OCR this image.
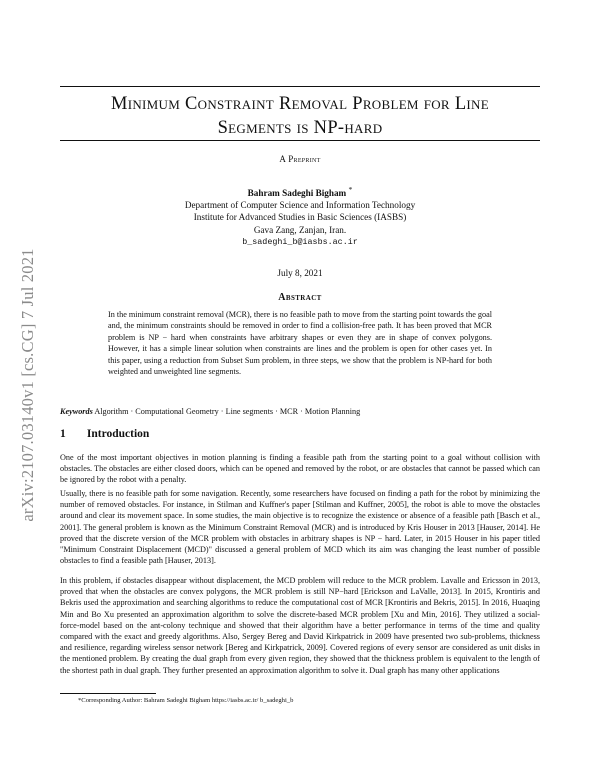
arXiv:2107.03140v1 [cs.CG] 7 Jul 2021
Minimum Constraint Removal Problem for Line
Segments is NP-hard
A Preprint
Bahram Sadeghi Bigham *
Department of Computer Science and Information Technology
Institute for Advanced Studies in Basic Sciences (IASBS)
Gava Zang, Zanjan, Iran.
b_sadeghi_b@iasbs.ac.ir
July 8, 2021
Abstract
In the minimum constraint removal (MCR), there is no feasible path to move from the starting point towards the goal and, the minimum constraints should be removed in order to find a collision-free path. It has been proved that MCR problem is NP − hard when constraints have arbitrary shapes or even they are in shape of convex polygons. However, it has a simple linear solution when constraints are lines and the problem is open for other cases yet. In this paper, using a reduction from Subset Sum problem, in three steps, we show that the problem is NP-hard for both weighted and unweighted line segments.
Keywords Algorithm · Computational Geometry · Line segments · MCR · Motion Planning
1 Introduction

One of the most important objectives in motion planning is finding a feasible path from the starting point to a goal without collision with obstacles. The obstacles are either closed doors, which can be opened and removed by the robot, or are obstacles that cannot be passed which can be ignored by the robot with a penalty.

Usually, there is no feasible path for some navigation. Recently, some researchers have focused on finding a path for the robot by minimizing the number of removed obstacles. For instance, in Stilman and Kuffner's paper [Stilman and Kuffner, 2005], the robot is able to move the obstacles around and clear its movement space. In some studies, the main objective is to recognize the existence or absence of a feasible path [Basch et al., 2001]. The general problem is known as the Minimum Constraint Removal (MCR) and is introduced by Kris Houser in 2013 [Hauser, 2014]. He proved that the discrete version of the MCR problem with obstacles in arbitrary shapes is NP − hard. Later, in 2015 Houser in his paper titled "Minimum Constraint Displacement (MCD)" discussed a general problem of MCD which its aim was changing the least number of possible obstacles to find a feasible path [Hauser, 2013].

In this problem, if obstacles disappear without displacement, the MCD problem will reduce to the MCR problem. Lavalle and Ericsson in 2013, proved that when the obstacles are convex polygons, the MCR problem is still NP−hard [Erickson and LaValle, 2013]. In 2015, Krontiris and Bekris used the approximation and searching algorithms to reduce the computational cost of MCR [Krontiris and Bekris, 2015]. In 2016, Huaqing Min and Bo Xu presented an approximation algorithm to solve the discrete-based MCR problem [Xu and Min, 2016]. They utilized a social-force-model based on the ant-colony technique and showed that their algorithm have a better performance in terms of the time and quality compared with the exact and greedy algorithms. Also, Sergey Bereg and David Kirkpatrick in 2009 have presented two sub-problems, thickness and resilience, regarding wireless sensor network [Bereg and Kirkpatrick, 2009]. Covered regions of every sensor are considered as unit disks in the mentioned problem. By creating the dual graph from every given region, they showed that the thickness problem is equivalent to the length of the shortest path in dual graph. They further presented an approximation algorithm to solve it. Dual graph has many other applications

*Corresponding Author: Bahram Sadeghi Bigham https://iasbs.ac.ir/ b_sadeghi_b
